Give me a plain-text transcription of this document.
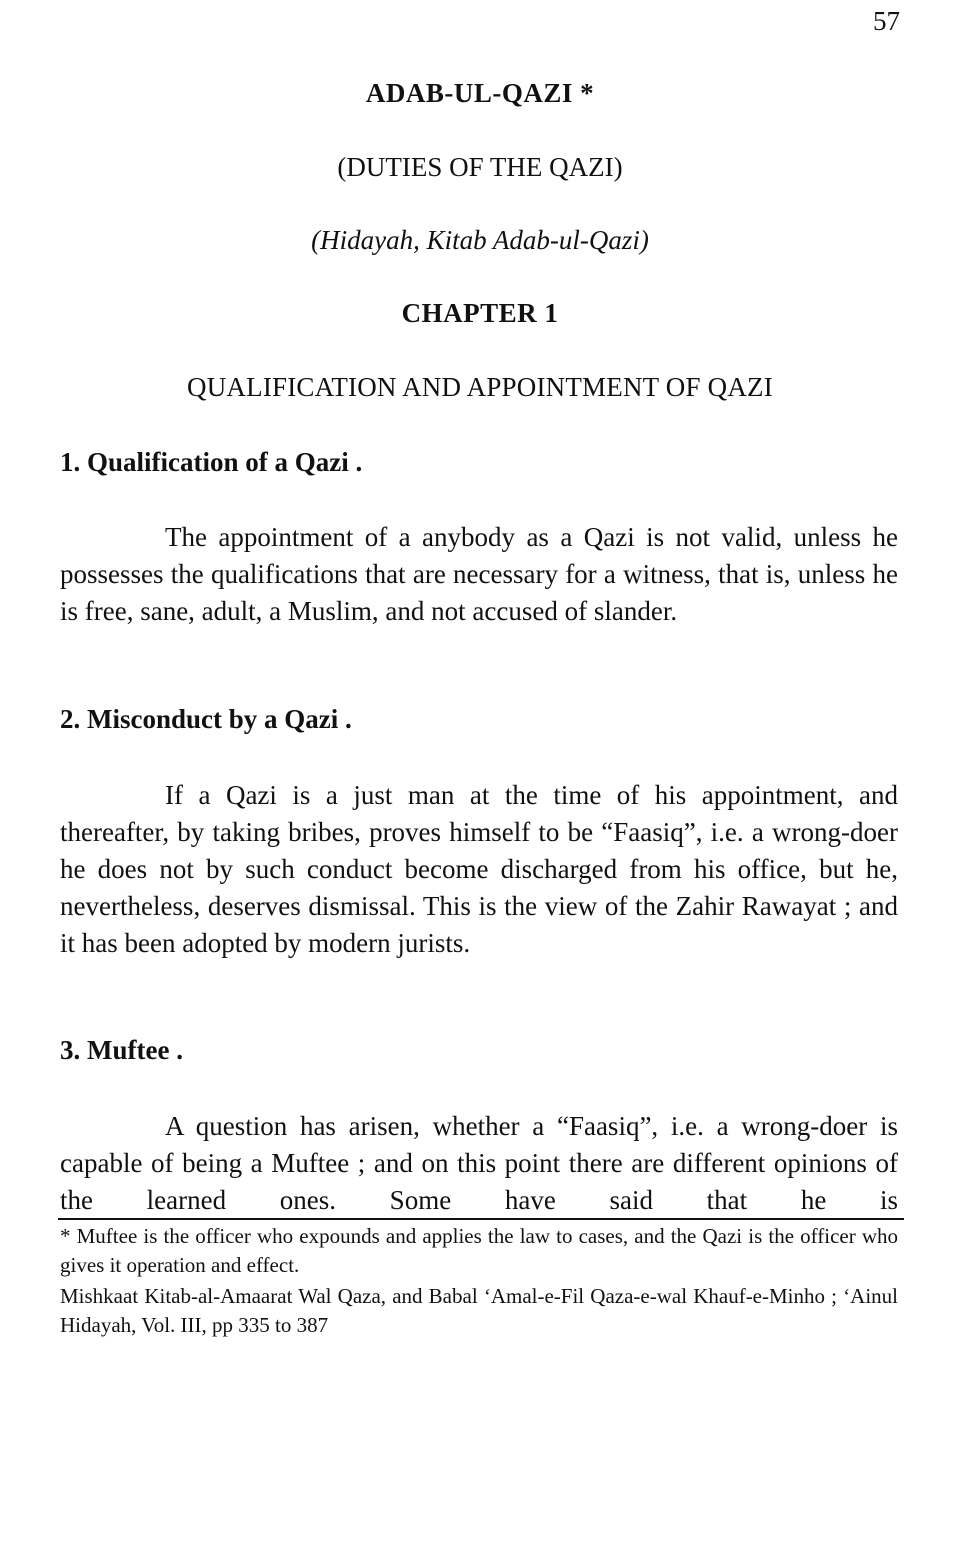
57
ADAB-UL-QAZI *
(DUTIES OF THE QAZI)
(Hidayah, Kitab Adab-ul-Qazi)
CHAPTER 1
QUALIFICATION AND APPOINTMENT OF QAZI
1. Qualification of a Qazi .

The appointment of a anybody as a Qazi is not valid, unless he possesses the qualifications that are necessary for a witness, that is, unless he is free, sane, adult, a Muslim, and not accused of slander.

2. Misconduct by a Qazi .

If a Qazi is a just man at the time of his appointment, and thereafter, by taking bribes, proves himself to be “Faasiq”, i.e. a wrong-doer he does not by such conduct become discharged from his office, but he, nevertheless, deserves dismissal. This is the view of the Zahir Rawayat ; and it has been adopted by modern jurists.

3. Muftee .

A question has arisen, whether a “Faasiq”, i.e. a wrong-doer is capable of being a Muftee ; and on this point there are different opinions of the learned ones. Some have said that he is

* Muftee is the officer who expounds and applies the law to cases, and the Qazi is the officer who gives it operation and effect.

Mishkaat Kitab-al-Amaarat Wal Qaza, and Babal ‘Amal-e-Fil Qaza-e-wal Khauf-e-Minho ; ‘Ainul Hidayah, Vol. III, pp 335 to 387
